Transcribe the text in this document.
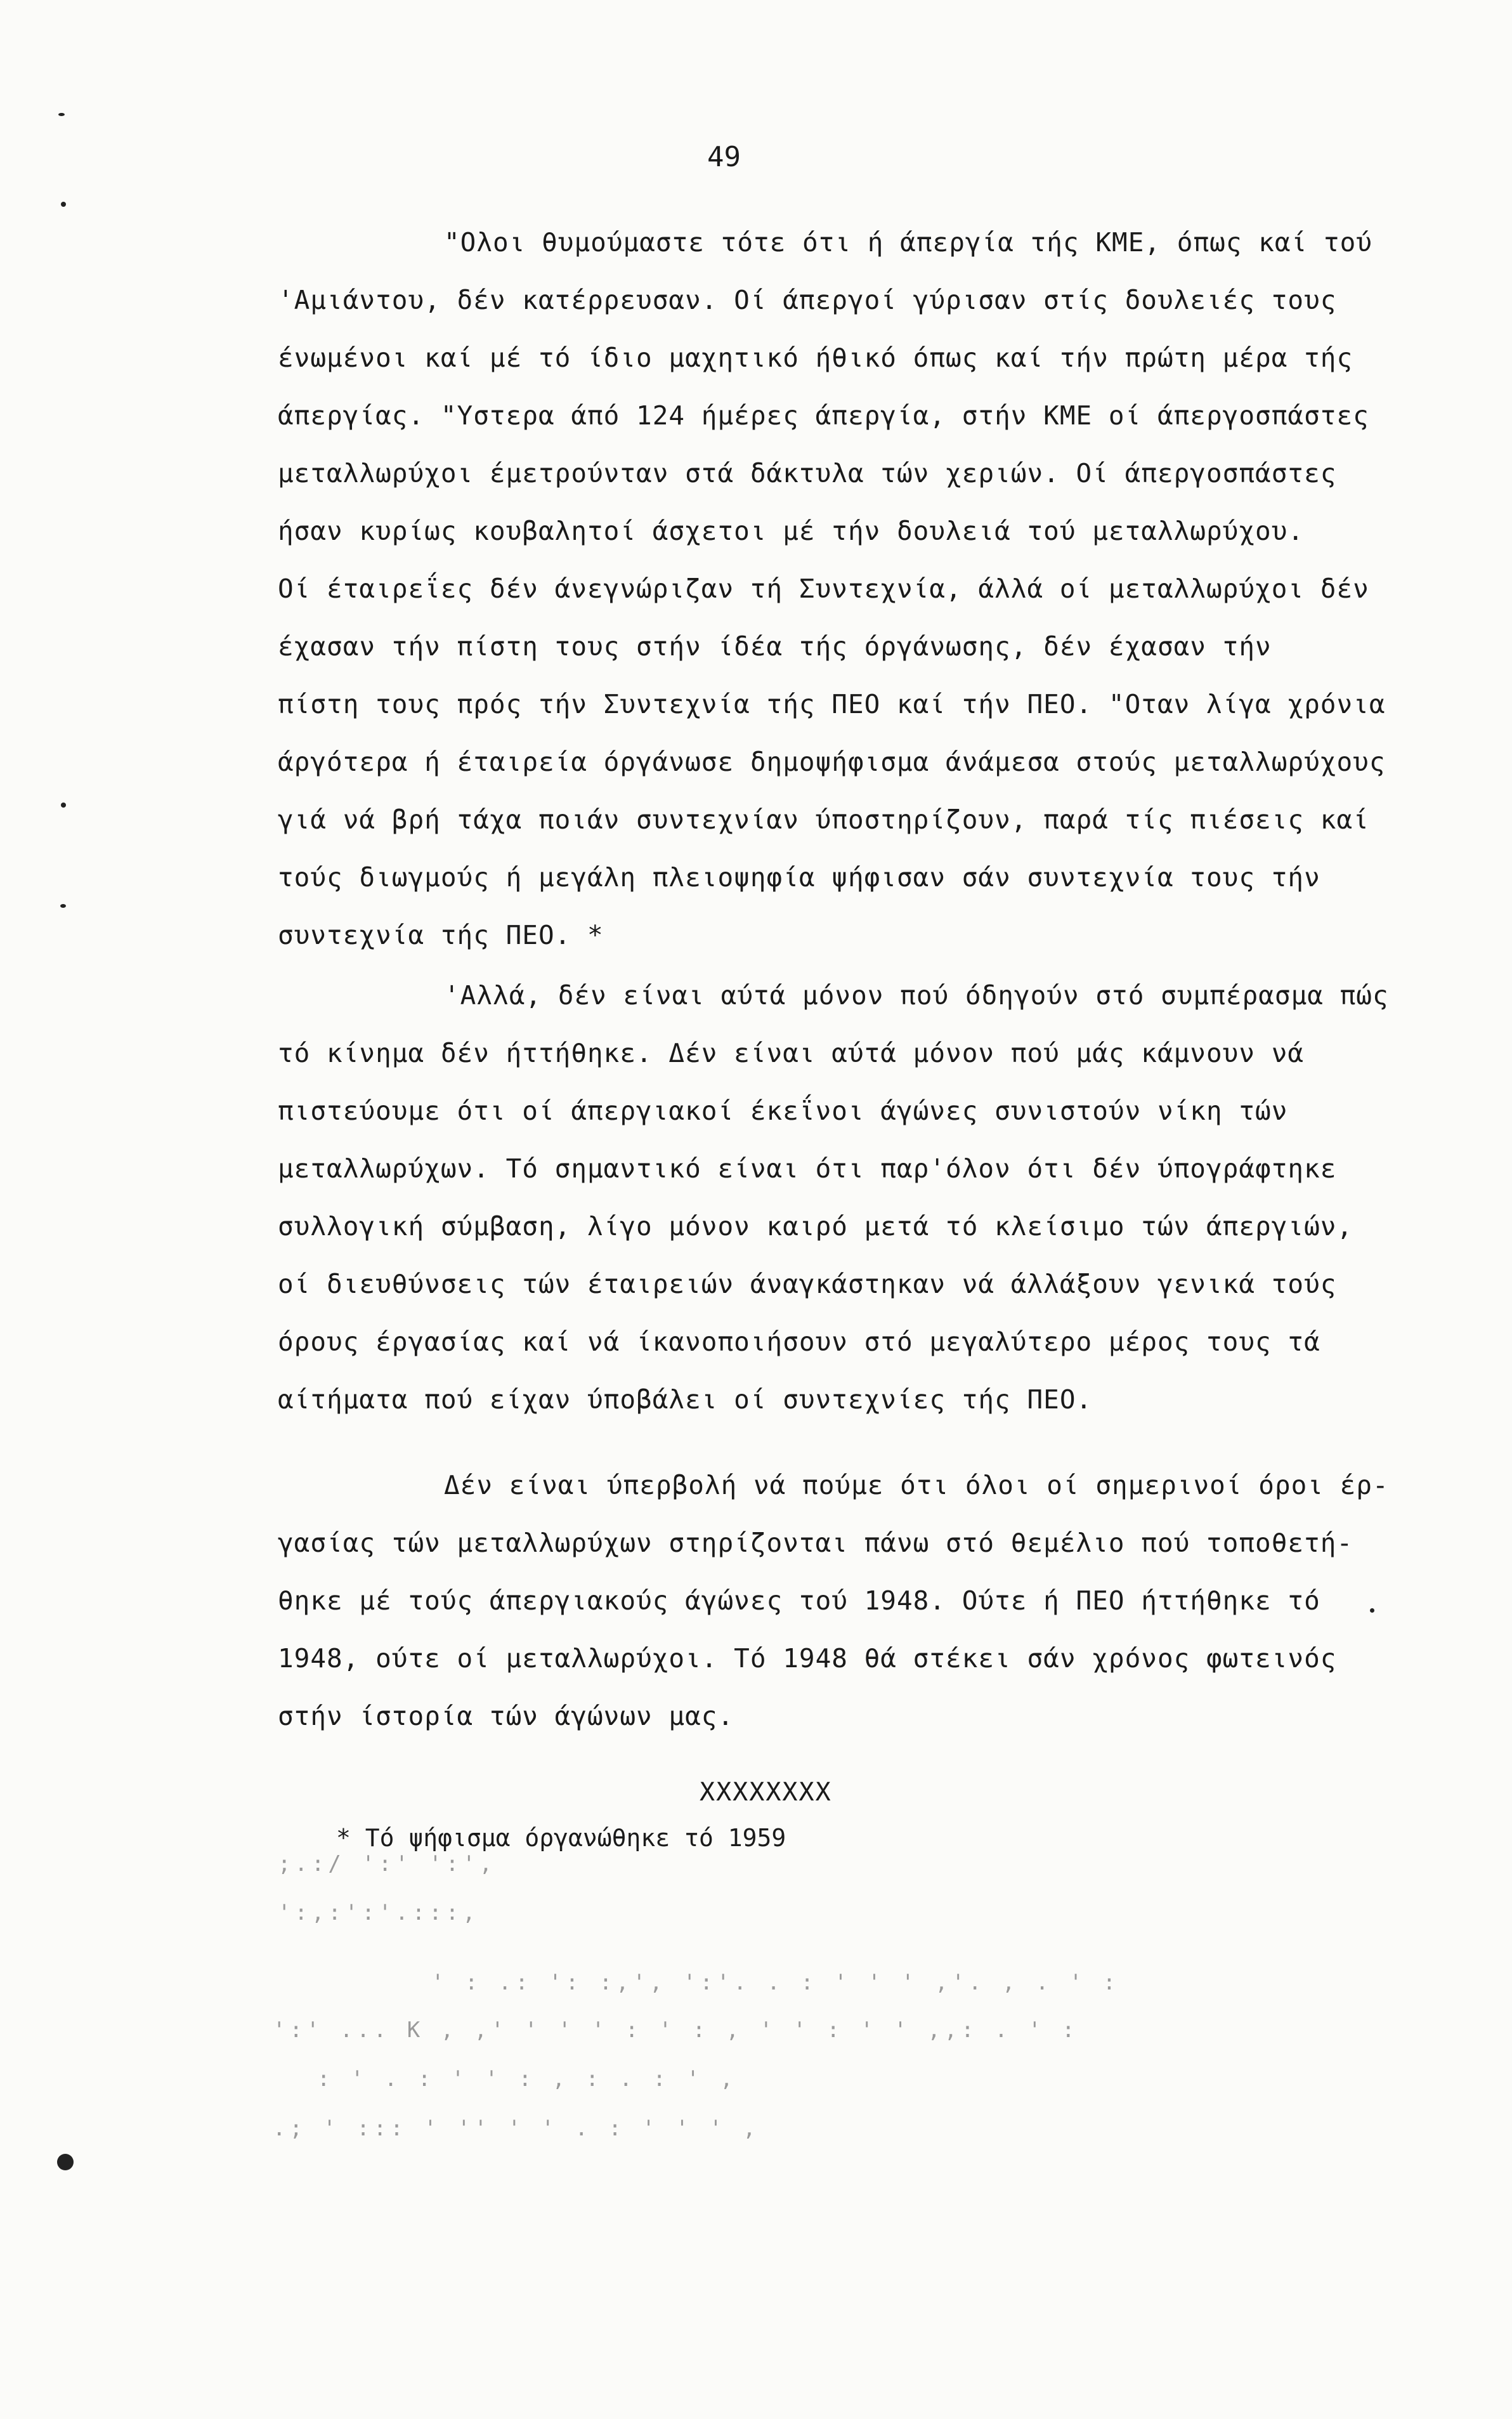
49
"Ολοι θυμούμαστε τότε ότι ή άπεργία τής ΚΜΕ, όπως καί τού
'Αμιάντου, δέν κατέρρευσαν. Οί άπεργοί γύρισαν στίς δουλειές τους
ένωμένοι καί μέ τό ίδιο μαχητικό ήθικό όπως καί τήν πρώτη μέρα τής
άπεργίας. "Υστερα άπό 124 ήμέρες άπεργία, στήν ΚΜΕ οί άπεργοσπάστες
μεταλλωρύχοι έμετρούνταν στά δάκτυλα τών χεριών. Οί άπεργοσπάστες
ήσαν κυρίως κουβαλητοί άσχετοι μέ τήν δουλειά τού μεταλλωρύχου.
Οί έταιρεΐες δέν άνεγνώριζαν τή Συντεχνία, άλλά οί μεταλλωρύχοι δέν
έχασαν τήν πίστη τους στήν ίδέα τής όργάνωσης, δέν έχασαν τήν
πίστη τους πρός τήν Συντεχνία τής ΠΕΟ καί τήν ΠΕΟ. "Οταν λίγα χρόνια
άργότερα ή έταιρεία όργάνωσε δημοψήφισμα άνάμεσα στούς μεταλλωρύχους
γιά νά βρή τάχα ποιάν συντεχνίαν ύποστηρίζουν, παρά τίς πιέσεις καί
τούς διωγμούς ή μεγάλη πλειοψηφία ψήφισαν σάν συντεχνία τους τήν
συντεχνία τής ΠΕΟ. *
'Αλλά, δέν είναι αύτά μόνον πού όδηγούν στό συμπέρασμα πώς
τό κίνημα δέν ήττήθηκε. Δέν είναι αύτά μόνον πού μάς κάμνουν νά
πιστεύουμε ότι οί άπεργιακοί έκεΐνοι άγώνες συνιστούν νίκη τών
μεταλλωρύχων. Τό σημαντικό είναι ότι παρ'όλον ότι δέν ύπογράφτηκε
συλλογική σύμβαση, λίγο μόνον καιρό μετά τό κλείσιμο τών άπεργιών,
οί διευθύνσεις τών έταιρειών άναγκάστηκαν νά άλλάξουν γενικά τούς
όρους έργασίας καί νά ίκανοποιήσουν στό μεγαλύτερο μέρος τους τά
αίτήματα πού είχαν ύποβάλει οί συντεχνίες τής ΠΕΟ.
Δέν είναι ύπερβολή νά πούμε ότι όλοι οί σημερινοί όροι έρ-
γασίας τών μεταλλωρύχων στηρίζονται πάνω στό θεμέλιο πού τοποθετή-
θηκε μέ τούς άπεργιακούς άγώνες τού 1948. Ούτε ή ΠΕΟ ήττήθηκε τό
1948, ούτε οί μεταλλωρύχοι. Τό 1948 θά στέκει σάν χρόνος φωτεινός
στήν ίστορία τών άγώνων μας.
XXXXXXXX
* Τό ψήφισμα όργανώθηκε τό 1959
;.:/ ':' ':',
':,:':'.:::,
' : .: ': :,', ':'. . : ' ' ' ,'. , . ' :
':' ... K , ,' ' ' ' : ' : , ' ' : ' ' ,,: . ' :
: ' . : ' ' : , : . : ' ,
.; ' ::: ' '' ' ' . : ' ' ' ,
